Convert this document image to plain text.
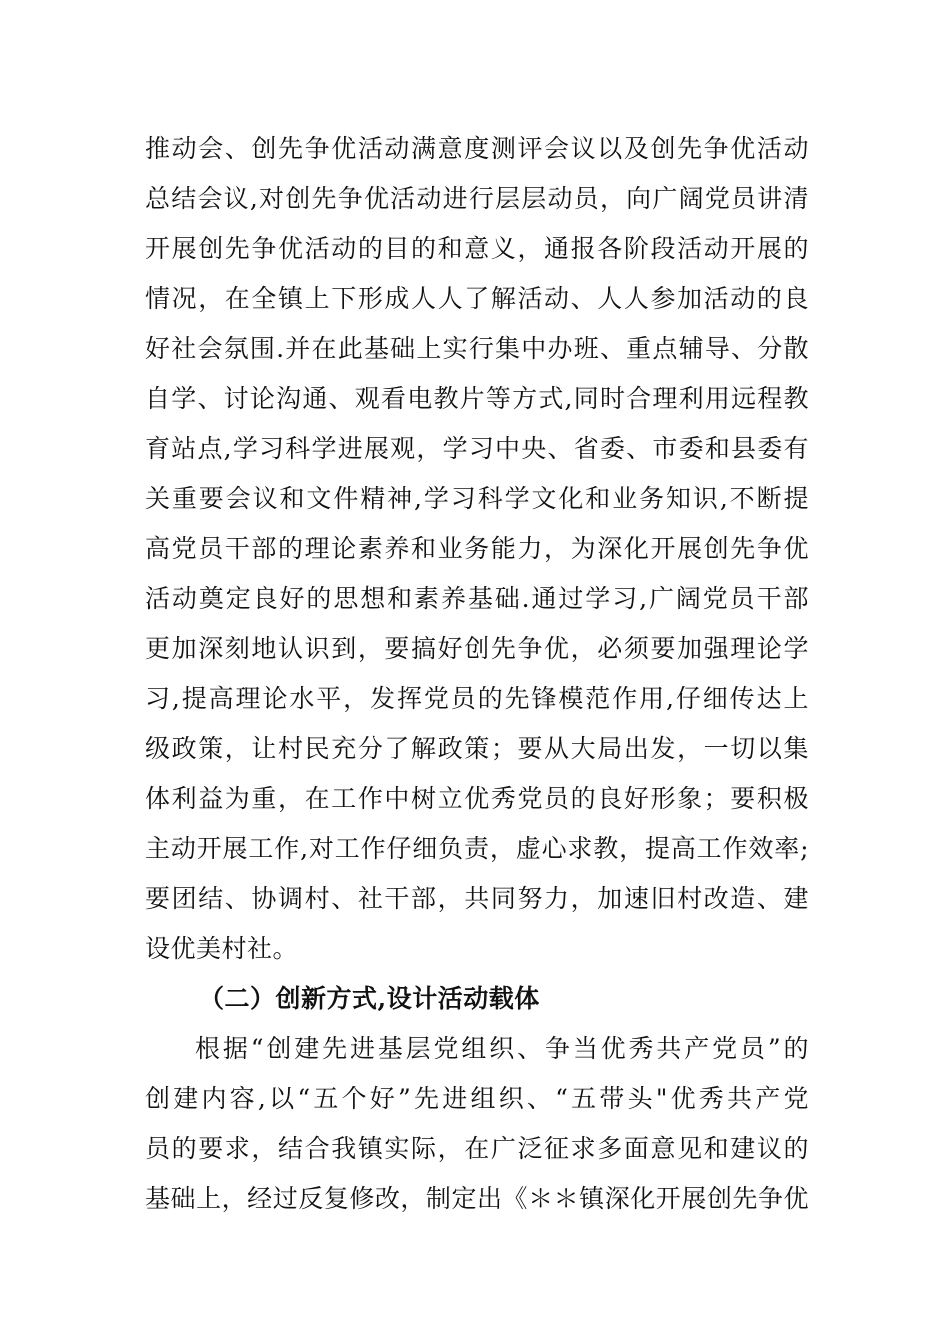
推动会、创先争优活动满意度测评会议以及创先争优活动
总结会议,对创先争优活动进行层层动员，向广阔党员讲清
开展创先争优活动的目的和意义，通报各阶段活动开展的
情况，在全镇上下形成人人了解活动、人人参加活动的良
好社会氛围.并在此基础上实行集中办班、重点辅导、分散
自学、讨论沟通、观看电教片等方式,同时合理利用远程教
育站点,学习科学进展观，学习中央、省委、市委和县委有
关重要会议和文件精神,学习科学文化和业务知识,不断提
高党员干部的理论素养和业务能力，为深化开展创先争优
活动奠定良好的思想和素养基础.通过学习,广阔党员干部
更加深刻地认识到，要搞好创先争优，必须要加强理论学
习,提高理论水平，发挥党员的先锋模范作用,仔细传达上
级政策，让村民充分了解政策；要从大局出发，一切以集
体利益为重，在工作中树立优秀党员的良好形象；要积极
主动开展工作,对工作仔细负责，虚心求教，提高工作效率;
要团结、协调村、社干部，共同努力，加速旧村改造、建
设优美村社。
（二）创新方式,设计活动载体
根据“创建先进基层党组织、争当优秀共产党员”的
创建内容,以“五个好”先进组织、“五带头"优秀共产党
员的要求，结合我镇实际，在广泛征求多面意见和建议的
基础上，经过反复修改，制定出《＊＊镇深化开展创先争优
